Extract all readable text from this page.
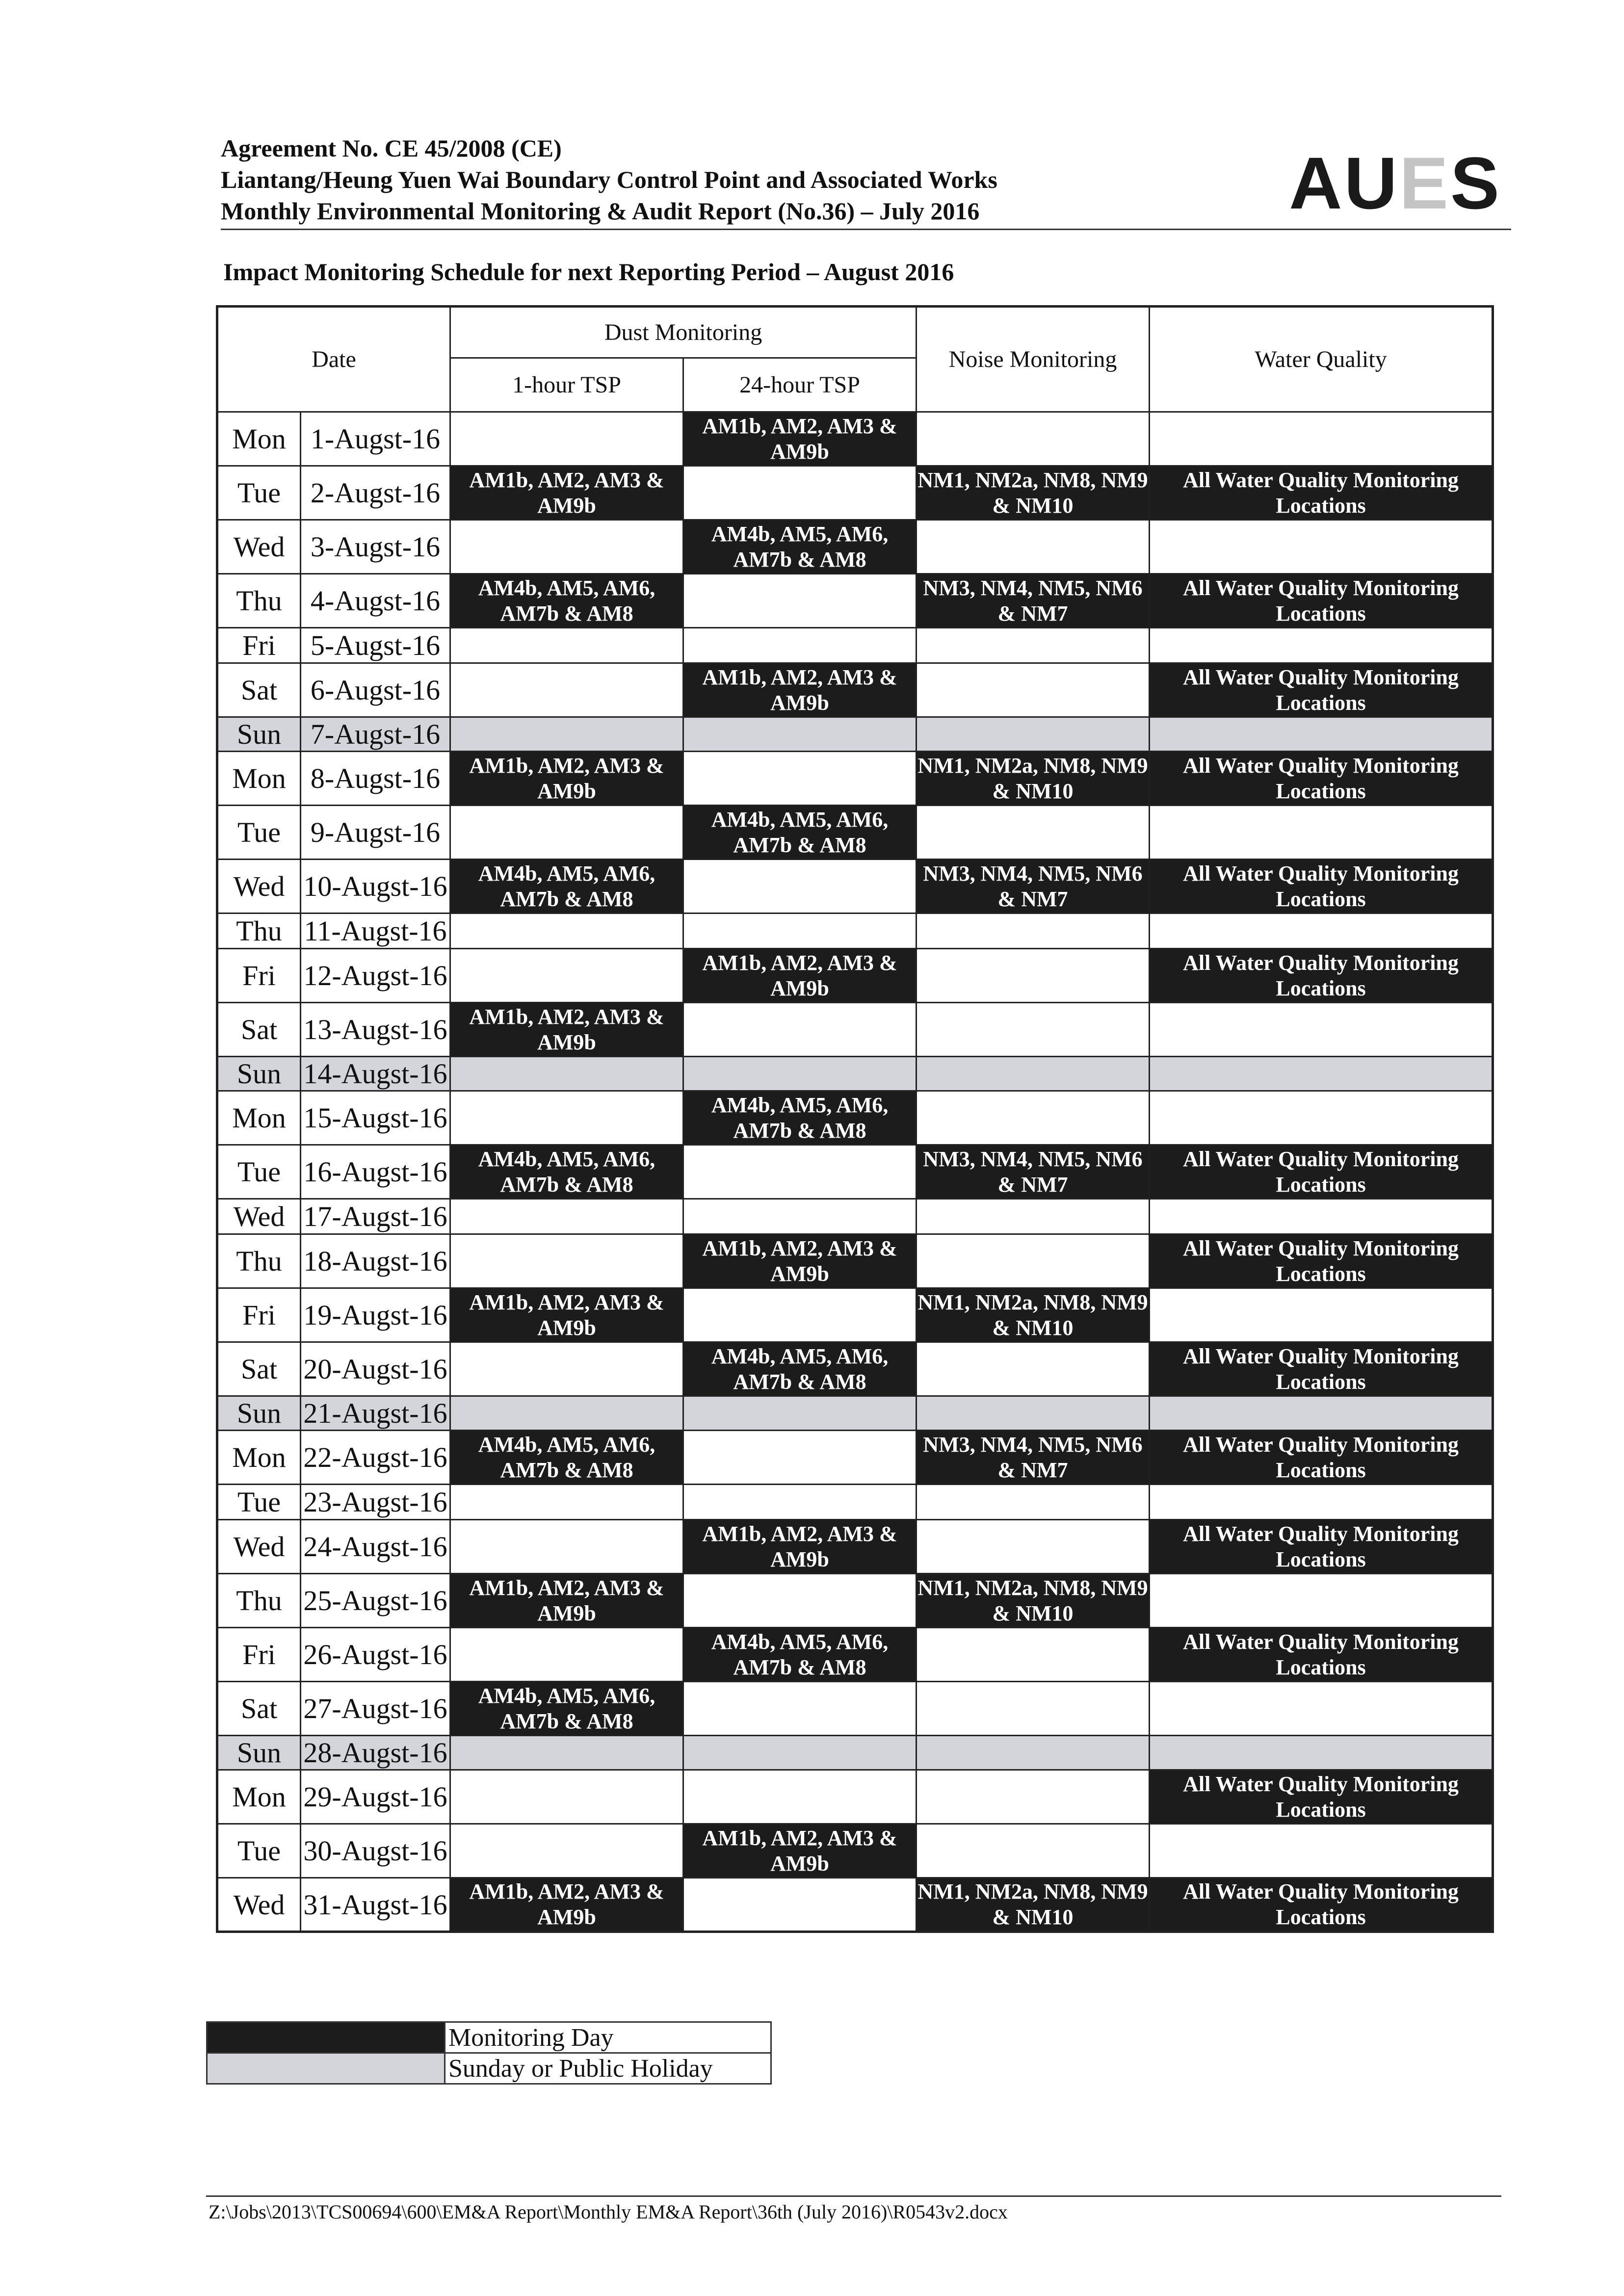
Agreement No. CE 45/2008 (CE)
Liantang/Heung Yuen Wai Boundary Control Point and Associated Works
Monthly Environmental Monitoring & Audit Report (No.36) – July 2016	AUES
Impact Monitoring Schedule for next Reporting Period – August 2016
Date		Dust Monitoring		Noise Monitoring	Water Quality
		1-hour TSP	24-hour TSP		
Mon	1-Augst-16		AM1b, AM2, AM3 & AM9b		
Tue	2-Augst-16	AM1b, AM2, AM3 & AM9b		NM1, NM2a, NM8, NM9 & NM10	All Water Quality Monitoring Locations
Wed	3-Augst-16		AM4b, AM5, AM6, AM7b & AM8		
Thu	4-Augst-16	AM4b, AM5, AM6, AM7b & AM8		NM3, NM4, NM5, NM6 & NM7	All Water Quality Monitoring Locations
Fri	5-Augst-16				
Sat	6-Augst-16		AM1b, AM2, AM3 & AM9b		All Water Quality Monitoring Locations
Sun	7-Augst-16				
Mon	8-Augst-16	AM1b, AM2, AM3 & AM9b		NM1, NM2a, NM8, NM9 & NM10	All Water Quality Monitoring Locations
Tue	9-Augst-16		AM4b, AM5, AM6, AM7b & AM8		
Wed	10-Augst-16	AM4b, AM5, AM6, AM7b & AM8		NM3, NM4, NM5, NM6 & NM7	All Water Quality Monitoring Locations
Thu	11-Augst-16				
Fri	12-Augst-16		AM1b, AM2, AM3 & AM9b		All Water Quality Monitoring Locations
Sat	13-Augst-16	AM1b, AM2, AM3 & AM9b			
Sun	14-Augst-16				
Mon	15-Augst-16		AM4b, AM5, AM6, AM7b & AM8		
Tue	16-Augst-16	AM4b, AM5, AM6, AM7b & AM8		NM3, NM4, NM5, NM6 & NM7	All Water Quality Monitoring Locations
Wed	17-Augst-16				
Thu	18-Augst-16		AM1b, AM2, AM3 & AM9b		All Water Quality Monitoring Locations
Fri	19-Augst-16	AM1b, AM2, AM3 & AM9b		NM1, NM2a, NM8, NM9 & NM10	
Sat	20-Augst-16		AM4b, AM5, AM6, AM7b & AM8		All Water Quality Monitoring Locations
Sun	21-Augst-16				
Mon	22-Augst-16	AM4b, AM5, AM6, AM7b & AM8		NM3, NM4, NM5, NM6 & NM7	All Water Quality Monitoring Locations
Tue	23-Augst-16				
Wed	24-Augst-16		AM1b, AM2, AM3 & AM9b		All Water Quality Monitoring Locations
Thu	25-Augst-16	AM1b, AM2, AM3 & AM9b		NM1, NM2a, NM8, NM9 & NM10	
Fri	26-Augst-16		AM4b, AM5, AM6, AM7b & AM8		All Water Quality Monitoring Locations
Sat	27-Augst-16	AM4b, AM5, AM6, AM7b & AM8			
Sun	28-Augst-16				
Mon	29-Augst-16				All Water Quality Monitoring Locations
Tue	30-Augst-16		AM1b, AM2, AM3 & AM9b		
Wed	31-Augst-16	AM1b, AM2, AM3 & AM9b		NM1, NM2a, NM8, NM9 & NM10	All Water Quality Monitoring Locations
	Monitoring Day
	Sunday or Public Holiday
Z:\Jobs\2013\TCS00694\600\EM&A Report\Monthly EM&A Report\36th (July 2016)\R0543v2.docx
